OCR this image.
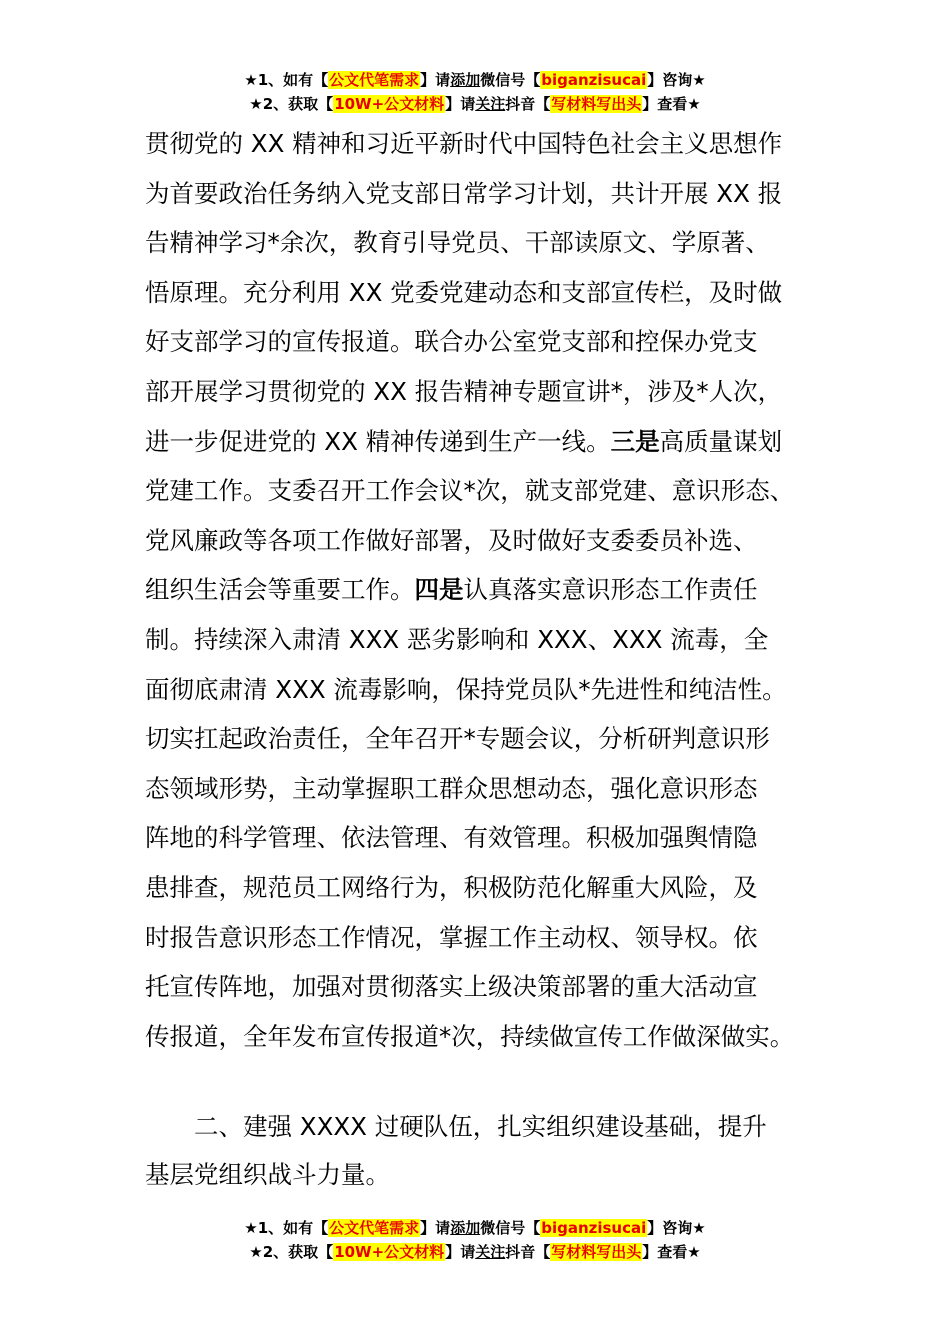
★1、如有【公文代笔需求】请添加微信号【biganzisucai】咨询★
★2、获取【10W+公文材料】请关注抖音【写材料写出头】查看★
贯彻党的 XX 精神和习近平新时代中国特色社会主义思想作
为首要政治任务纳入党支部日常学习计划，共计开展 XX 报
告精神学习*余次，教育引导党员、干部读原文、学原著、
悟原理。充分利用 XX 党委党建动态和支部宣传栏，及时做
好支部学习的宣传报道。联合办公室党支部和控保办党支
部开展学习贯彻党的 XX 报告精神专题宣讲*，涉及*人次，
进一步促进党的 XX 精神传递到生产一线。三是高质量谋划
党建工作。支委召开工作会议*次，就支部党建、意识形态、
党风廉政等各项工作做好部署，及时做好支委委员补选、
组织生活会等重要工作。四是认真落实意识形态工作责任
制。持续深入肃清 XXX 恶劣影响和 XXX、XXX 流毒，全
面彻底肃清 XXX 流毒影响，保持党员队*先进性和纯洁性。
切实扛起政治责任，全年召开*专题会议，分析研判意识形
态领域形势，主动掌握职工群众思想动态，强化意识形态
阵地的科学管理、依法管理、有效管理。积极加强舆情隐
患排查，规范员工网络行为，积极防范化解重大风险，及
时报告意识形态工作情况，掌握工作主动权、领导权。依
托宣传阵地，加强对贯彻落实上级决策部署的重大活动宣
传报道，全年发布宣传报道*次，持续做宣传工作做深做实。
二、建强 XXXX 过硬队伍，扎实组织建设基础，提升
基层党组织战斗力量。
★1、如有【公文代笔需求】请添加微信号【biganzisucai】咨询★
★2、获取【10W+公文材料】请关注抖音【写材料写出头】查看★
